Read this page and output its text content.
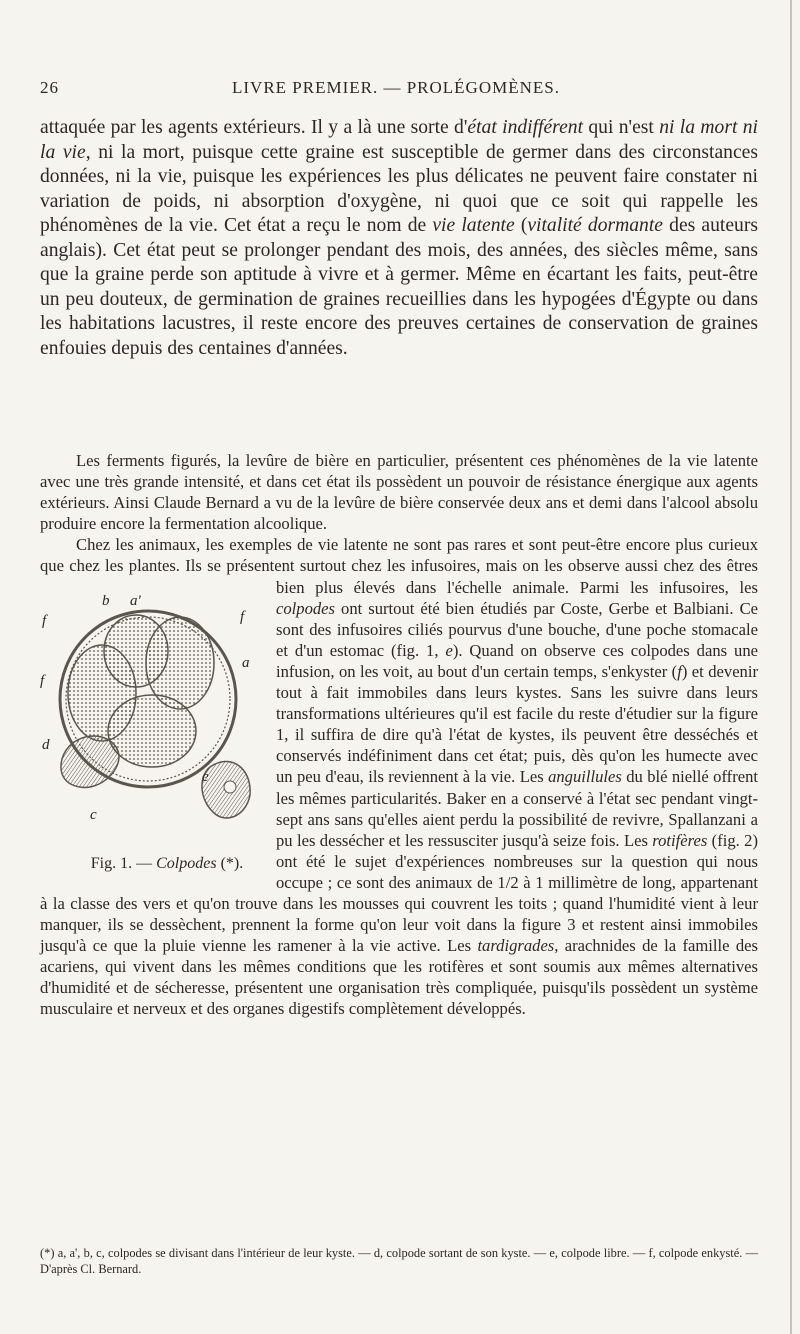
26	LIVRE PREMIER. — PROLÉGOMÈNES.

attaquée par les agents extérieurs. Il y a là une sorte d'état indifférent qui n'est ni la mort ni la vie, ni la mort, puisque cette graine est susceptible de germer dans des circonstances données, ni la vie, puisque les expériences les plus délicates ne peuvent faire constater ni variation de poids, ni absorption d'oxygène, ni quoi que ce soit qui rappelle les phénomènes de la vie. Cet état a reçu le nom de vie latente (vitalité dormante des auteurs anglais). Cet état peut se prolonger pendant des mois, des années, des siècles même, sans que la graine perde son aptitude à vivre et à germer. Même en écartant les faits, peut-être un peu douteux, de germination de graines recueillies dans les hypogées d'Égypte ou dans les habitations lacustres, il reste encore des preuves certaines de conservation de graines enfouies depuis des centaines d'années.

Les ferments figurés, la levûre de bière en particulier, présentent ces phénomènes de la vie latente avec une très grande intensité, et dans cet état ils possèdent un pouvoir de résistance énergique aux agents extérieurs. Ainsi Claude Bernard a vu de la levûre de bière conservée deux ans et demi dans l'alcool absolu produire encore la fermentation alcoolique.

Chez les animaux, les exemples de vie latente ne sont pas rares et sont peut-être encore plus curieux que chez les plantes. Ils se présentent surtout chez les infusoires, mais on les observe aussi chez des êtres bien plus élevés dans l'échelle animale. Parmi les infusoires, les
b a'
f	f
f
a
d
c
e
Fig. 1. — Colpodes (*).
colpodes ont surtout été bien étudiés par Coste, Gerbe et Balbiani. Ce sont des infusoires ciliés pourvus d'une bouche, d'une poche stomacale et d'un estomac (fig. 1, e). Quand on observe ces colpodes dans une infusion, on les voit, au bout d'un certain temps, s'enkyster (f) et devenir tout à fait immobiles dans leurs kystes. Sans les suivre dans leurs transformations ultérieures qu'il est facile du reste d'étudier sur la figure 1, il suffira de dire qu'à l'état de kystes, ils peuvent être desséchés et conservés indéfiniment dans cet état; puis, dès qu'on les humecte avec un peu d'eau, ils reviennent à la vie. Les anguillules du blé niellé offrent les mêmes particularités. Baker en a conservé à l'état sec pendant vingt-sept ans sans qu'elles aient perdu la possibilité de revivre, Spallanzani a pu les dessécher et les ressusciter jusqu'à seize fois. Les rotifères (fig. 2) ont été le sujet d'expériences nombreuses sur la question qui nous occupe ; ce sont des animaux de 1/2 à 1 millimètre de long, appartenant à la classe des vers et qu'on trouve dans les mousses qui couvrent les toits ; quand l'humidité vient à leur manquer, ils se dessèchent, prennent la forme qu'on leur voit dans la figure 3 et restent ainsi immobiles jusqu'à ce que la pluie vienne les ramener à la vie active. Les tardigrades, arachnides de la famille des acariens, qui vivent dans les mêmes conditions que les rotifères et sont soumis aux mêmes alternatives d'humidité et de sécheresse, présentent une organisation très compliquée, puisqu'ils possèdent un système musculaire et nerveux et des organes digestifs complètement développés.

(*) a, a', b, c, colpodes se divisant dans l'intérieur de leur kyste. — d, colpode sortant de son kyste. — e, colpode libre. — f, colpode enkysté. — D'après Cl. Bernard.
